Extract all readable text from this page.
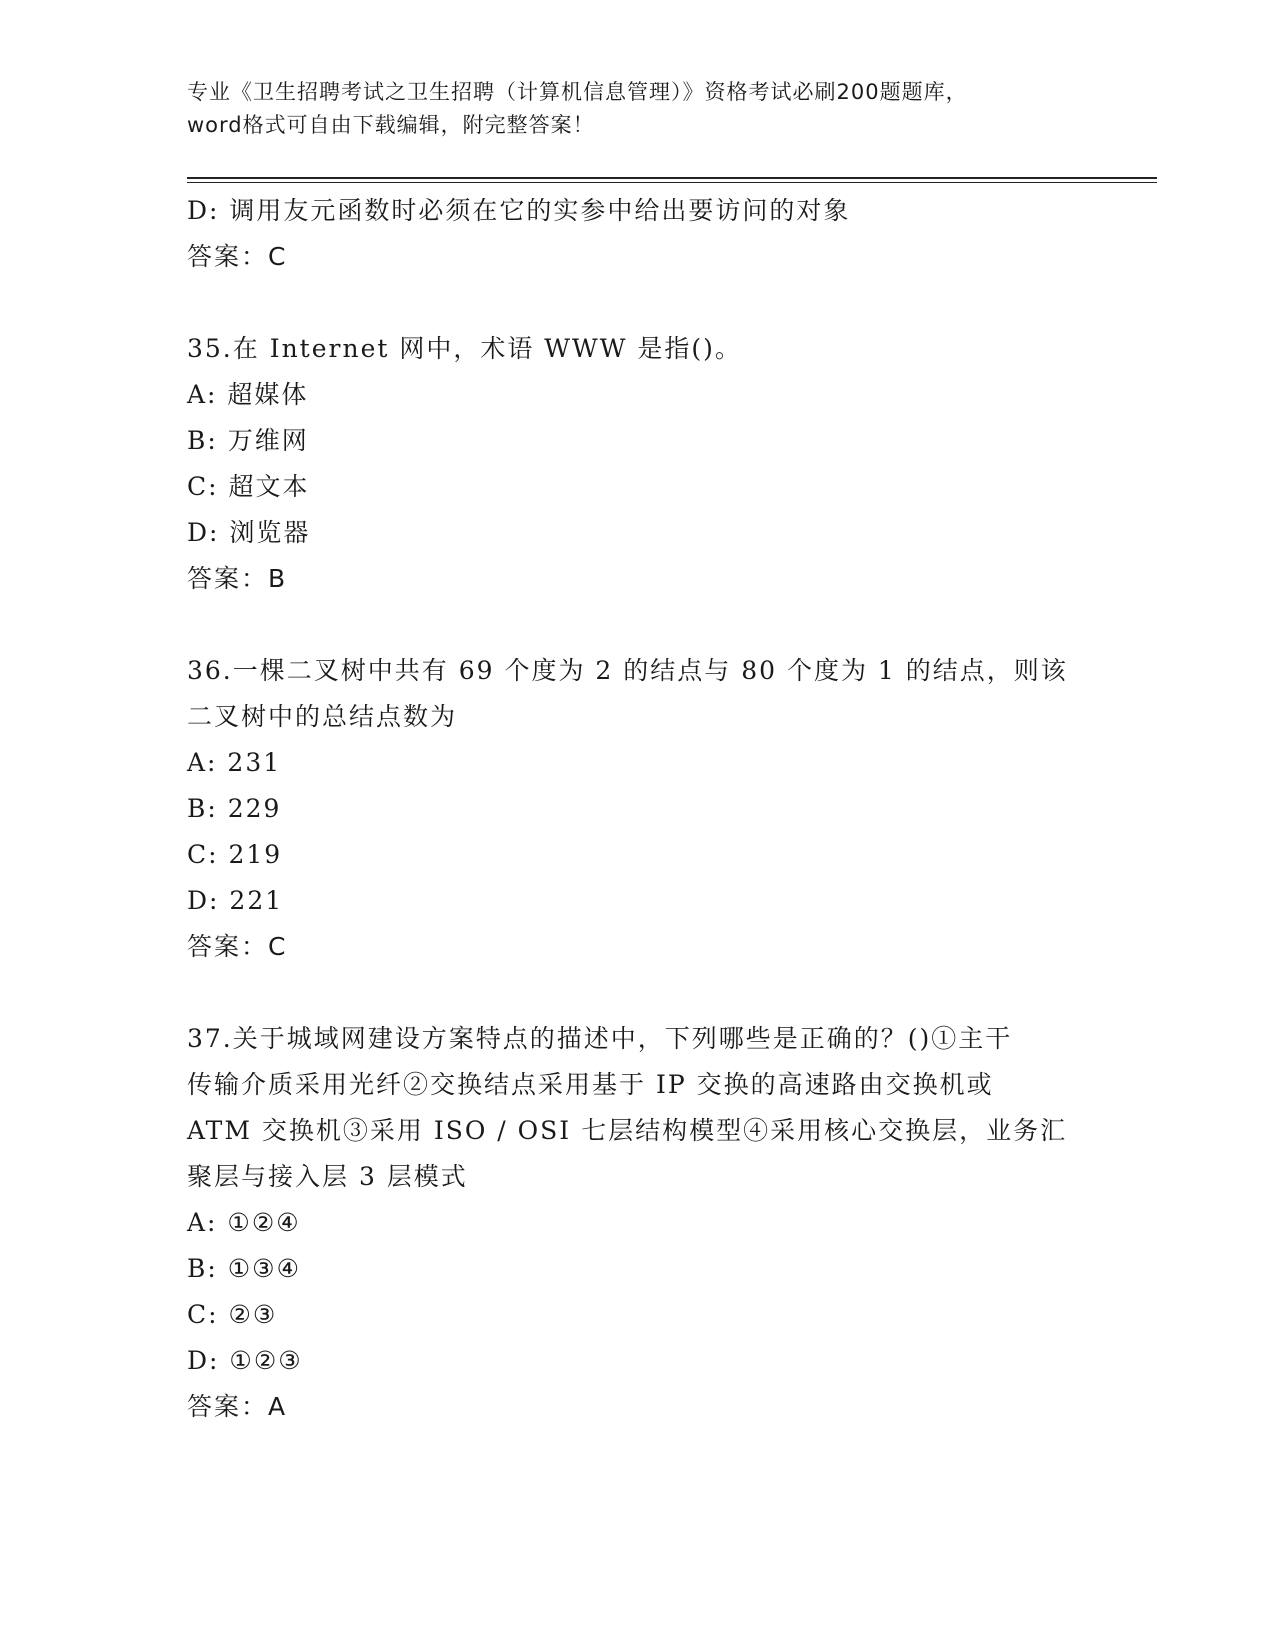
专业《卫生招聘考试之卫生招聘（计算机信息管理）》资格考试必刷200题题库，
word格式可自由下载编辑，附完整答案！
D: 调用友元函数时必须在它的实参中给出要访问的对象
答案：C
35.在 Internet 网中，术语 WWW 是指()。
A: 超媒体
B: 万维网
C: 超文本
D: 浏览器
答案：B
36.一棵二叉树中共有 69 个度为 2 的结点与 80 个度为 1 的结点，则该
二叉树中的总结点数为
A: 231
B: 229
C: 219
D: 221
答案：C
37.关于城域网建设方案特点的描述中，下列哪些是正确的？()①主干
传输介质采用光纤②交换结点采用基于 IP 交换的高速路由交换机或
ATM 交换机③采用 ISO / OSI 七层结构模型④采用核心交换层，业务汇
聚层与接入层 3 层模式
A: ①②④
B: ①③④
C: ②③
D: ①②③
答案：A
